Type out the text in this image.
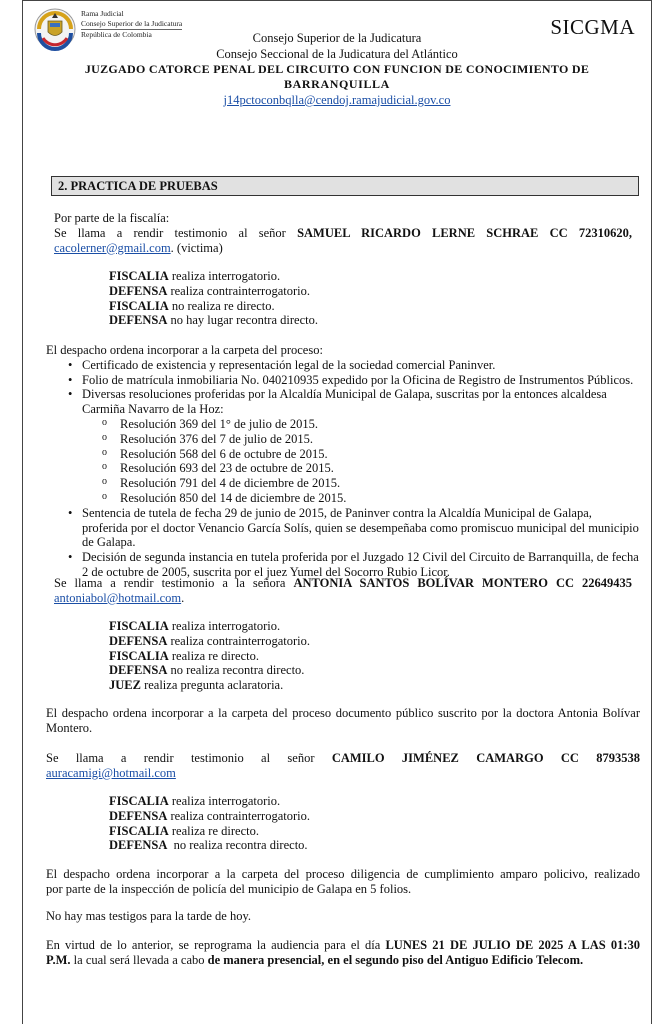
Rama Judicial
Consejo Superior de la Judicatura
República de Colombia	SICGMA
Consejo Superior de la Judicatura
Consejo Seccional de la Judicatura del Atlántico
JUZGADO CATORCE PENAL DEL CIRCUITO CON FUNCION DE CONOCIMIENTO DE
BARRANQUILLA
j14pctoconbqlla@cendoj.ramajudicial.gov.co
2. PRACTICA DE PRUEBAS
Por parte de la fiscalía:
Se llama a rendir testimonio al señor SAMUEL RICARDO LERNE SCHRAE CC 72310620,
cacolerner@gmail.com. (victima)
FISCALIA realiza interrogatorio.
DEFENSA realiza contrainterrogatorio.
FISCALIA no realiza re directo.
DEFENSA no hay lugar recontra directo.
El despacho ordena incorporar a la carpeta del proceso:
• Certificado de existencia y representación legal de la sociedad comercial Paninver.
• Folio de matrícula inmobiliaria No. 040210935 expedido por la Oficina de Registro de Instrumentos Públicos.
• Diversas resoluciones proferidas por la Alcaldía Municipal de Galapa, suscritas por la entonces alcaldesa Carmiña Navarro de la Hoz:
o Resolución 369 del 1° de julio de 2015.
o Resolución 376 del 7 de julio de 2015.
o Resolución 568 del 6 de octubre de 2015.
o Resolución 693 del 23 de octubre de 2015.
o Resolución 791 del 4 de diciembre de 2015.
o Resolución 850 del 14 de diciembre de 2015.
• Sentencia de tutela de fecha 29 de junio de 2015, de Paninver contra la Alcaldía Municipal de Galapa, proferida por el doctor Venancio García Solís, quien se desempeñaba como promiscuo municipal del municipio de Galapa.
• Decisión de segunda instancia en tutela proferida por el Juzgado 12 Civil del Circuito de Barranquilla, de fecha 2 de octubre de 2005, suscrita por el juez Yumel del Socorro Rubio Licor.
Se llama a rendir testimonio a la señora ANTONIA SANTOS BOLÍVAR MONTERO CC 22649435
antoniabol@hotmail.com.
FISCALIA realiza interrogatorio.
DEFENSA realiza contrainterrogatorio.
FISCALIA realiza re directo.
DEFENSA no realiza recontra directo.
JUEZ realiza pregunta aclaratoria.
El despacho ordena incorporar a la carpeta del proceso documento público suscrito por la doctora Antonia Bolívar
Montero.
Se llama a rendir testimonio al señor CAMILO JIMÉNEZ CAMARGO CC 8793538
auracamigi@hotmail.com
FISCALIA realiza interrogatorio.
DEFENSA realiza contrainterrogatorio.
FISCALIA realiza re directo.
DEFENSA  no realiza recontra directo.
El despacho ordena incorporar a la carpeta del proceso diligencia de cumplimiento amparo policivo, realizado
por parte de la inspección de policía del municipio de Galapa en 5 folios.
No hay mas testigos para la tarde de hoy.
En virtud de lo anterior, se reprograma la audiencia para el día LUNES 21 DE JULIO DE 2025 A LAS 01:30
P.M. la cual será llevada a cabo de manera presencial, en el segundo piso del Antiguo Edificio Telecom.
